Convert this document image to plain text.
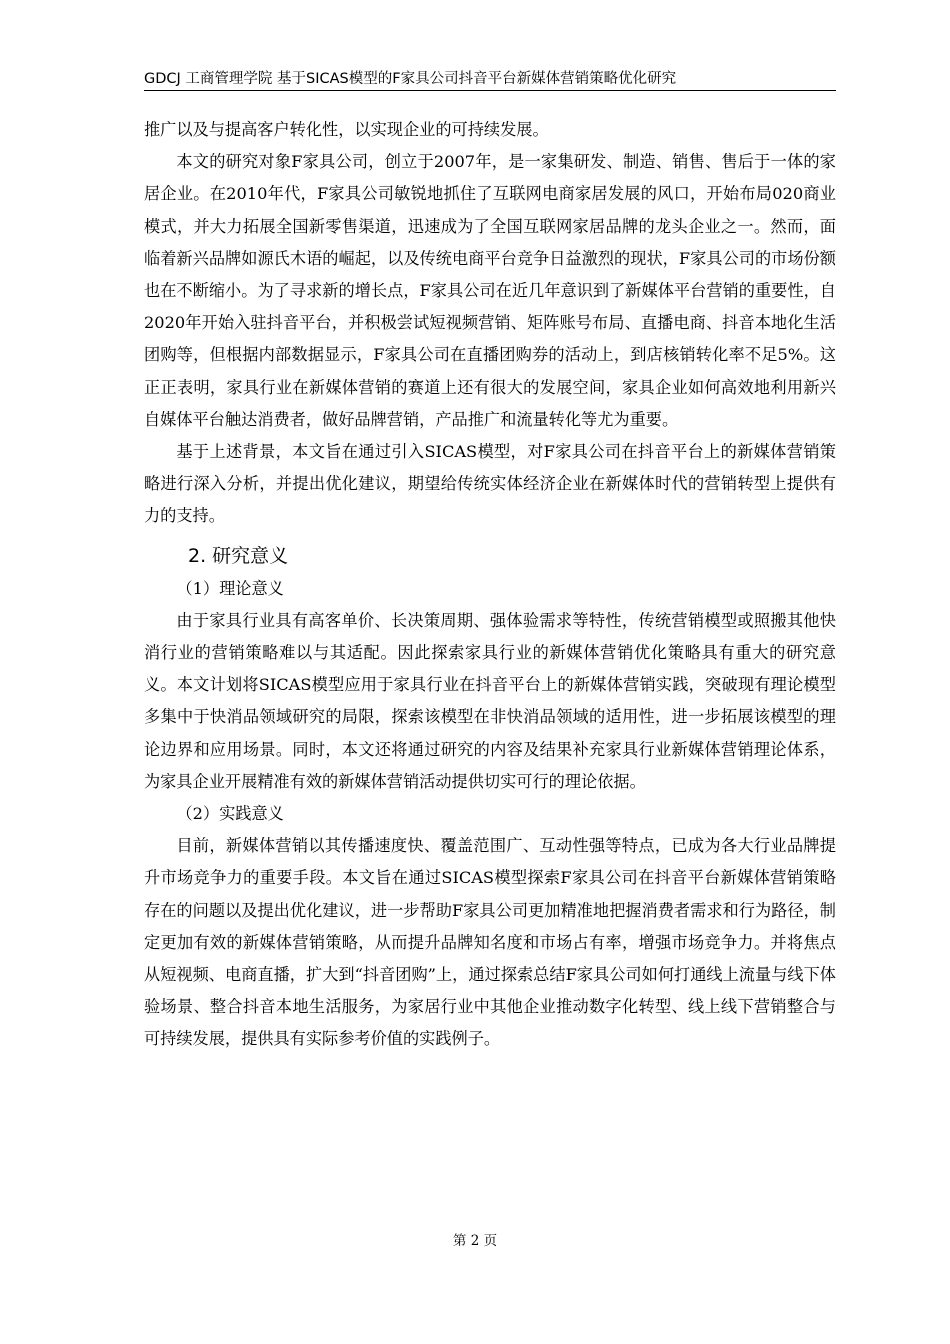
GDCJ 工商管理学院 基于SICAS模型的F家具公司抖音平台新媒体营销策略优化研究

推广以及与提高客户转化性，以实现企业的可持续发展。

本文的研究对象F家具公司，创立于2007年，是一家集研发、制造、销售、售后于一体的家居企业。在2010年代，F家具公司敏锐地抓住了互联网电商家居发展的风口，开始布局020商业模式，并大力拓展全国新零售渠道，迅速成为了全国互联网家居品牌的龙头企业之一。然而，面临着新兴品牌如源氏木语的崛起，以及传统电商平台竞争日益激烈的现状，F家具公司的市场份额也在不断缩小。为了寻求新的增长点，F家具公司在近几年意识到了新媒体平台营销的重要性，自2020年开始入驻抖音平台，并积极尝试短视频营销、矩阵账号布局、直播电商、抖音本地化生活团购等，但根据内部数据显示，F家具公司在直播团购券的活动上，到店核销转化率不足5%。这正正表明，家具行业在新媒体营销的赛道上还有很大的发展空间，家具企业如何高效地利用新兴自媒体平台触达消费者，做好品牌营销，产品推广和流量转化等尤为重要。

基于上述背景，本文旨在通过引入SICAS模型，对F家具公司在抖音平台上的新媒体营销策略进行深入分析，并提出优化建议，期望给传统实体经济企业在新媒体时代的营销转型上提供有力的支持。

2. 研究意义

（1）理论意义

由于家具行业具有高客单价、长决策周期、强体验需求等特性，传统营销模型或照搬其他快消行业的营销策略难以与其适配。因此探索家具行业的新媒体营销优化策略具有重大的研究意义。本文计划将SICAS模型应用于家具行业在抖音平台上的新媒体营销实践，突破现有理论模型多集中于快消品领域研究的局限，探索该模型在非快消品领域的适用性，进一步拓展该模型的理论边界和应用场景。同时，本文还将通过研究的内容及结果补充家具行业新媒体营销理论体系，为家具企业开展精准有效的新媒体营销活动提供切实可行的理论依据。

（2）实践意义

目前，新媒体营销以其传播速度快、覆盖范围广、互动性强等特点，已成为各大行业品牌提升市场竞争力的重要手段。本文旨在通过SICAS模型探索F家具公司在抖音平台新媒体营销策略存在的问题以及提出优化建议，进一步帮助F家具公司更加精准地把握消费者需求和行为路径，制定更加有效的新媒体营销策略，从而提升品牌知名度和市场占有率，增强市场竞争力。并将焦点从短视频、电商直播，扩大到“抖音团购”上，通过探索总结F家具公司如何打通线上流量与线下体验场景、整合抖音本地生活服务，为家居行业中其他企业推动数字化转型、线上线下营销整合与可持续发展，提供具有实际参考价值的实践例子。

第 2 页
